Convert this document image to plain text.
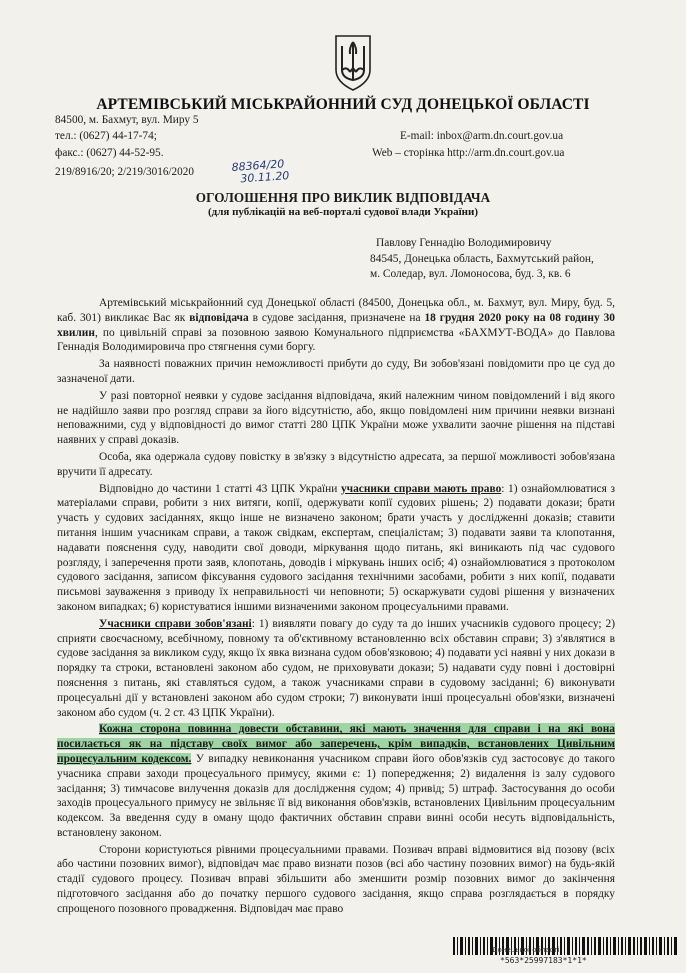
АРТЕМІВСЬКИЙ МІСЬКРАЙОННИЙ СУД ДОНЕЦЬКОЇ ОБЛАСТІ
84500, м. Бахмут, вул. Миру 5
тел.: (0627) 44-17-74;
факс.: (0627) 44-52-95.
E-mail: inbox@arm.dn.court.gov.ua
Web – сторінка http://arm.dn.court.gov.ua
219/8916/20; 2/219/3016/2020	88364/20
30.11.20
ОГОЛОШЕННЯ ПРО ВИКЛИК ВІДПОВІДАЧА
(для публікацій на веб-порталі судової влади України)
Павлову Геннадію Володимировичу
84545, Донецька область, Бахмутський район,
м. Соледар, вул. Ломоносова, буд. 3, кв. 6

Артемівський міськрайонний суд Донецької області (84500, Донецька обл., м. Бахмут, вул. Миру, буд. 5, каб. 301) викликає Вас як відповідача в судове засідання, призначене на 18 грудня 2020 року на 08 годину 30 хвилин, по цивільній справі за позовною заявою Комунального підприємства «БАХМУТ-ВОДА» до Павлова Геннадія Володимировича про стягнення суми боргу.

За наявності поважних причин неможливості прибути до суду, Ви зобов'язані повідомити про це суд до зазначеної дати.

У разі повторної неявки у судове засідання відповідача, який належним чином повідомлений і від якого не надійшло заяви про розгляд справи за його відсутністю, або, якщо повідомлені ним причини неявки визнані неповажними, суд у відповідності до вимог статті 280 ЦПК України може ухвалити заочне рішення на підставі наявних у справі доказів.

Особа, яка одержала судову повістку в зв'язку з відсутністю адресата, за першої можливості зобов'язана вручити її адресату.

Відповідно до частини 1 статті 43 ЦПК України учасники справи мають право: 1) ознайомлюватися з матеріалами справи, робити з них витяги, копії, одержувати копії судових рішень; 2) подавати докази; брати участь у судових засіданнях, якщо інше не визначено законом; брати участь у дослідженні доказів; ставити питання іншим учасникам справи, а також свідкам, експертам, спеціалістам; 3) подавати заяви та клопотання, надавати пояснення суду, наводити свої доводи, міркування щодо питань, які виникають під час судового розгляду, і заперечення проти заяв, клопотань, доводів і міркувань інших осіб; 4) ознайомлюватися з протоколом судового засідання, записом фіксування судового засідання технічними засобами, робити з них копії, подавати письмові зауваження з приводу їх неправильності чи неповноти; 5) оскаржувати судові рішення у визначених законом випадках; 6) користуватися іншими визначеними законом процесуальними правами.

Учасники справи зобов'язані: 1) виявляти повагу до суду та до інших учасників судового процесу; 2) сприяти своєчасному, всебічному, повному та об'єктивному встановленню всіх обставин справи; 3) з'являтися в судове засідання за викликом суду, якщо їх явка визнана судом обов'язковою; 4) подавати усі наявні у них докази в порядку та строки, встановлені законом або судом, не приховувати докази; 5) надавати суду повні і достовірні пояснення з питань, які ставляться судом, а також учасниками справи в судовому засіданні; 6) виконувати процесуальні дії у встановлені законом або судом строки; 7) виконувати інші процесуальні обов'язки, визначені законом або судом (ч. 2 ст. 43 ЦПК України).

Кожна сторона повинна довести обставини, які мають значення для справи і на які вона посилається як на підставу своїх вимог або заперечень, крім випадків, встановлених Цивільним процесуальним кодексом. У випадку невиконання учасником справи його обов'язків суд застосовує до такого учасника справи заходи процесуального примусу, якими є: 1) попередження; 2) видалення із залу судового засідання; 3) тимчасове вилучення доказів для дослідження судом; 4) привід; 5) штраф. Застосування до особи заходів процесуального примусу не звільняє її від виконання обов'язків, встановлених Цивільним процесуальним кодексом. За введення суду в оману щодо фактичних обставин справи винні особи несуть відповідальність, встановлену законом.

Сторони користуються рівними процесуальними правами. Позивач вправі відмовитися від позову (всіх або частини позовних вимог), відповідач має право визнати позов (всі або частину позовних вимог) на будь-якій стадії судового процесу. Позивач вправі збільшити або зменшити розмір позовних вимог до закінчення підготовчого засідання або до початку першого судового засідання, якщо справа розглядається в порядку спрощеного позовного провадження. Відповідач має право

Донецької області
*563*25997183*1*1*
